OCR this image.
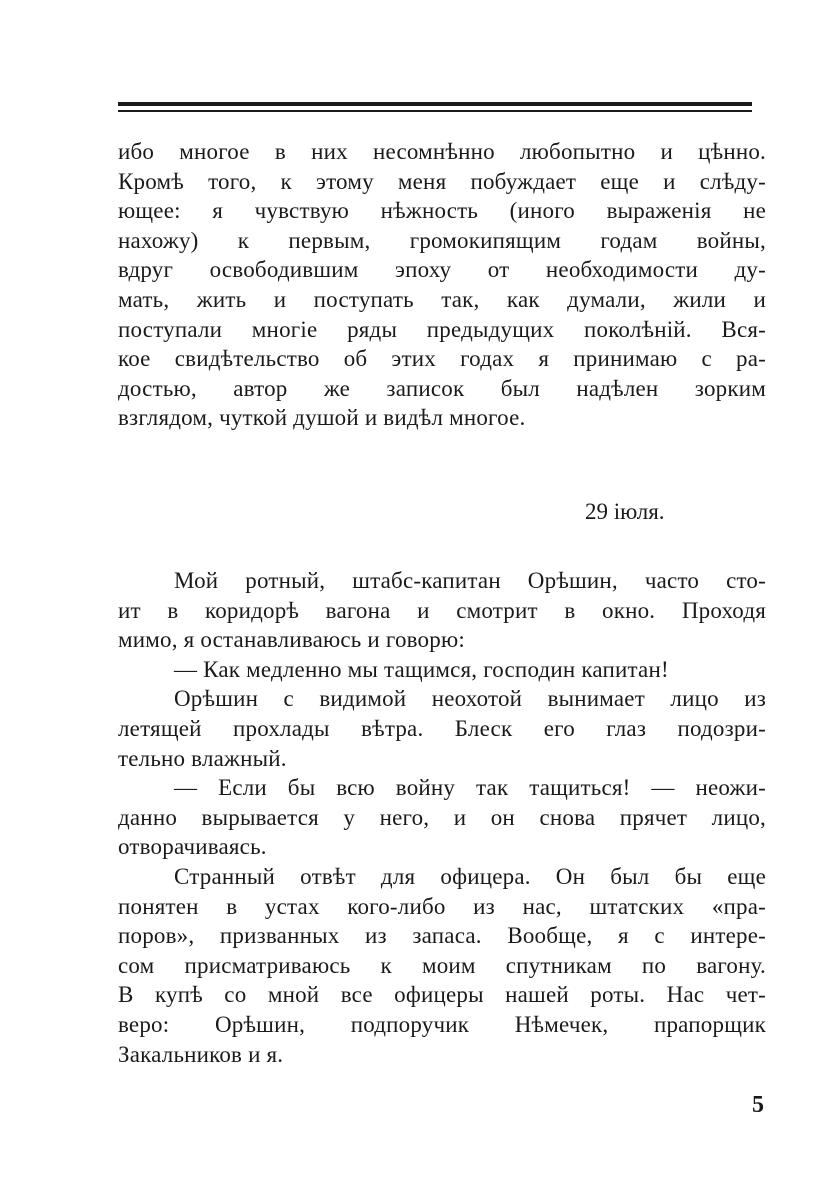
ибо многое в них несомнѣнно любопытно и цѣнно.
Кромѣ того, к этому меня побуждает еще и слѣду-
ющее: я чувствую нѣжность (иного выраженія не
нахожу) к первым, громокипящим годам войны,
вдруг освободившим эпоху от необходимости ду-
мать, жить и поступать так, как думали, жили и
поступали многіе ряды предыдущих поколѣній. Вся-
кое свидѣтельство об этих годах я принимаю с ра-
достью, автор же записок был надѣлен зорким
взглядом, чуткой душой и видѣл многое.
29 іюля.
Мой ротный, штабс-капитан Орѣшин, часто сто-
ит в коридорѣ вагона и смотрит в окно. Проходя
мимо, я останавливаюсь и говорю:
— Как медленно мы тащимся, господин капитан!
Орѣшин с видимой неохотой вынимает лицо из
летящей прохлады вѣтра. Блеск его глаз подозри-
тельно влажный.
— Если бы всю войну так тащиться! — неожи-
данно вырывается у него, и он снова прячет лицо,
отворачиваясь.
Странный отвѣт для офицера. Он был бы еще
понятен в устах кого-либо из нас, штатских «пра-
поров», призванных из запаса. Вообще, я с интере-
сом присматриваюсь к моим спутникам по вагону.
В купѣ со мной все офицеры нашей роты. Нас чет-
веро: Орѣшин, подпоручик Нѣмечек, прапорщик
Закальников и я.
5
